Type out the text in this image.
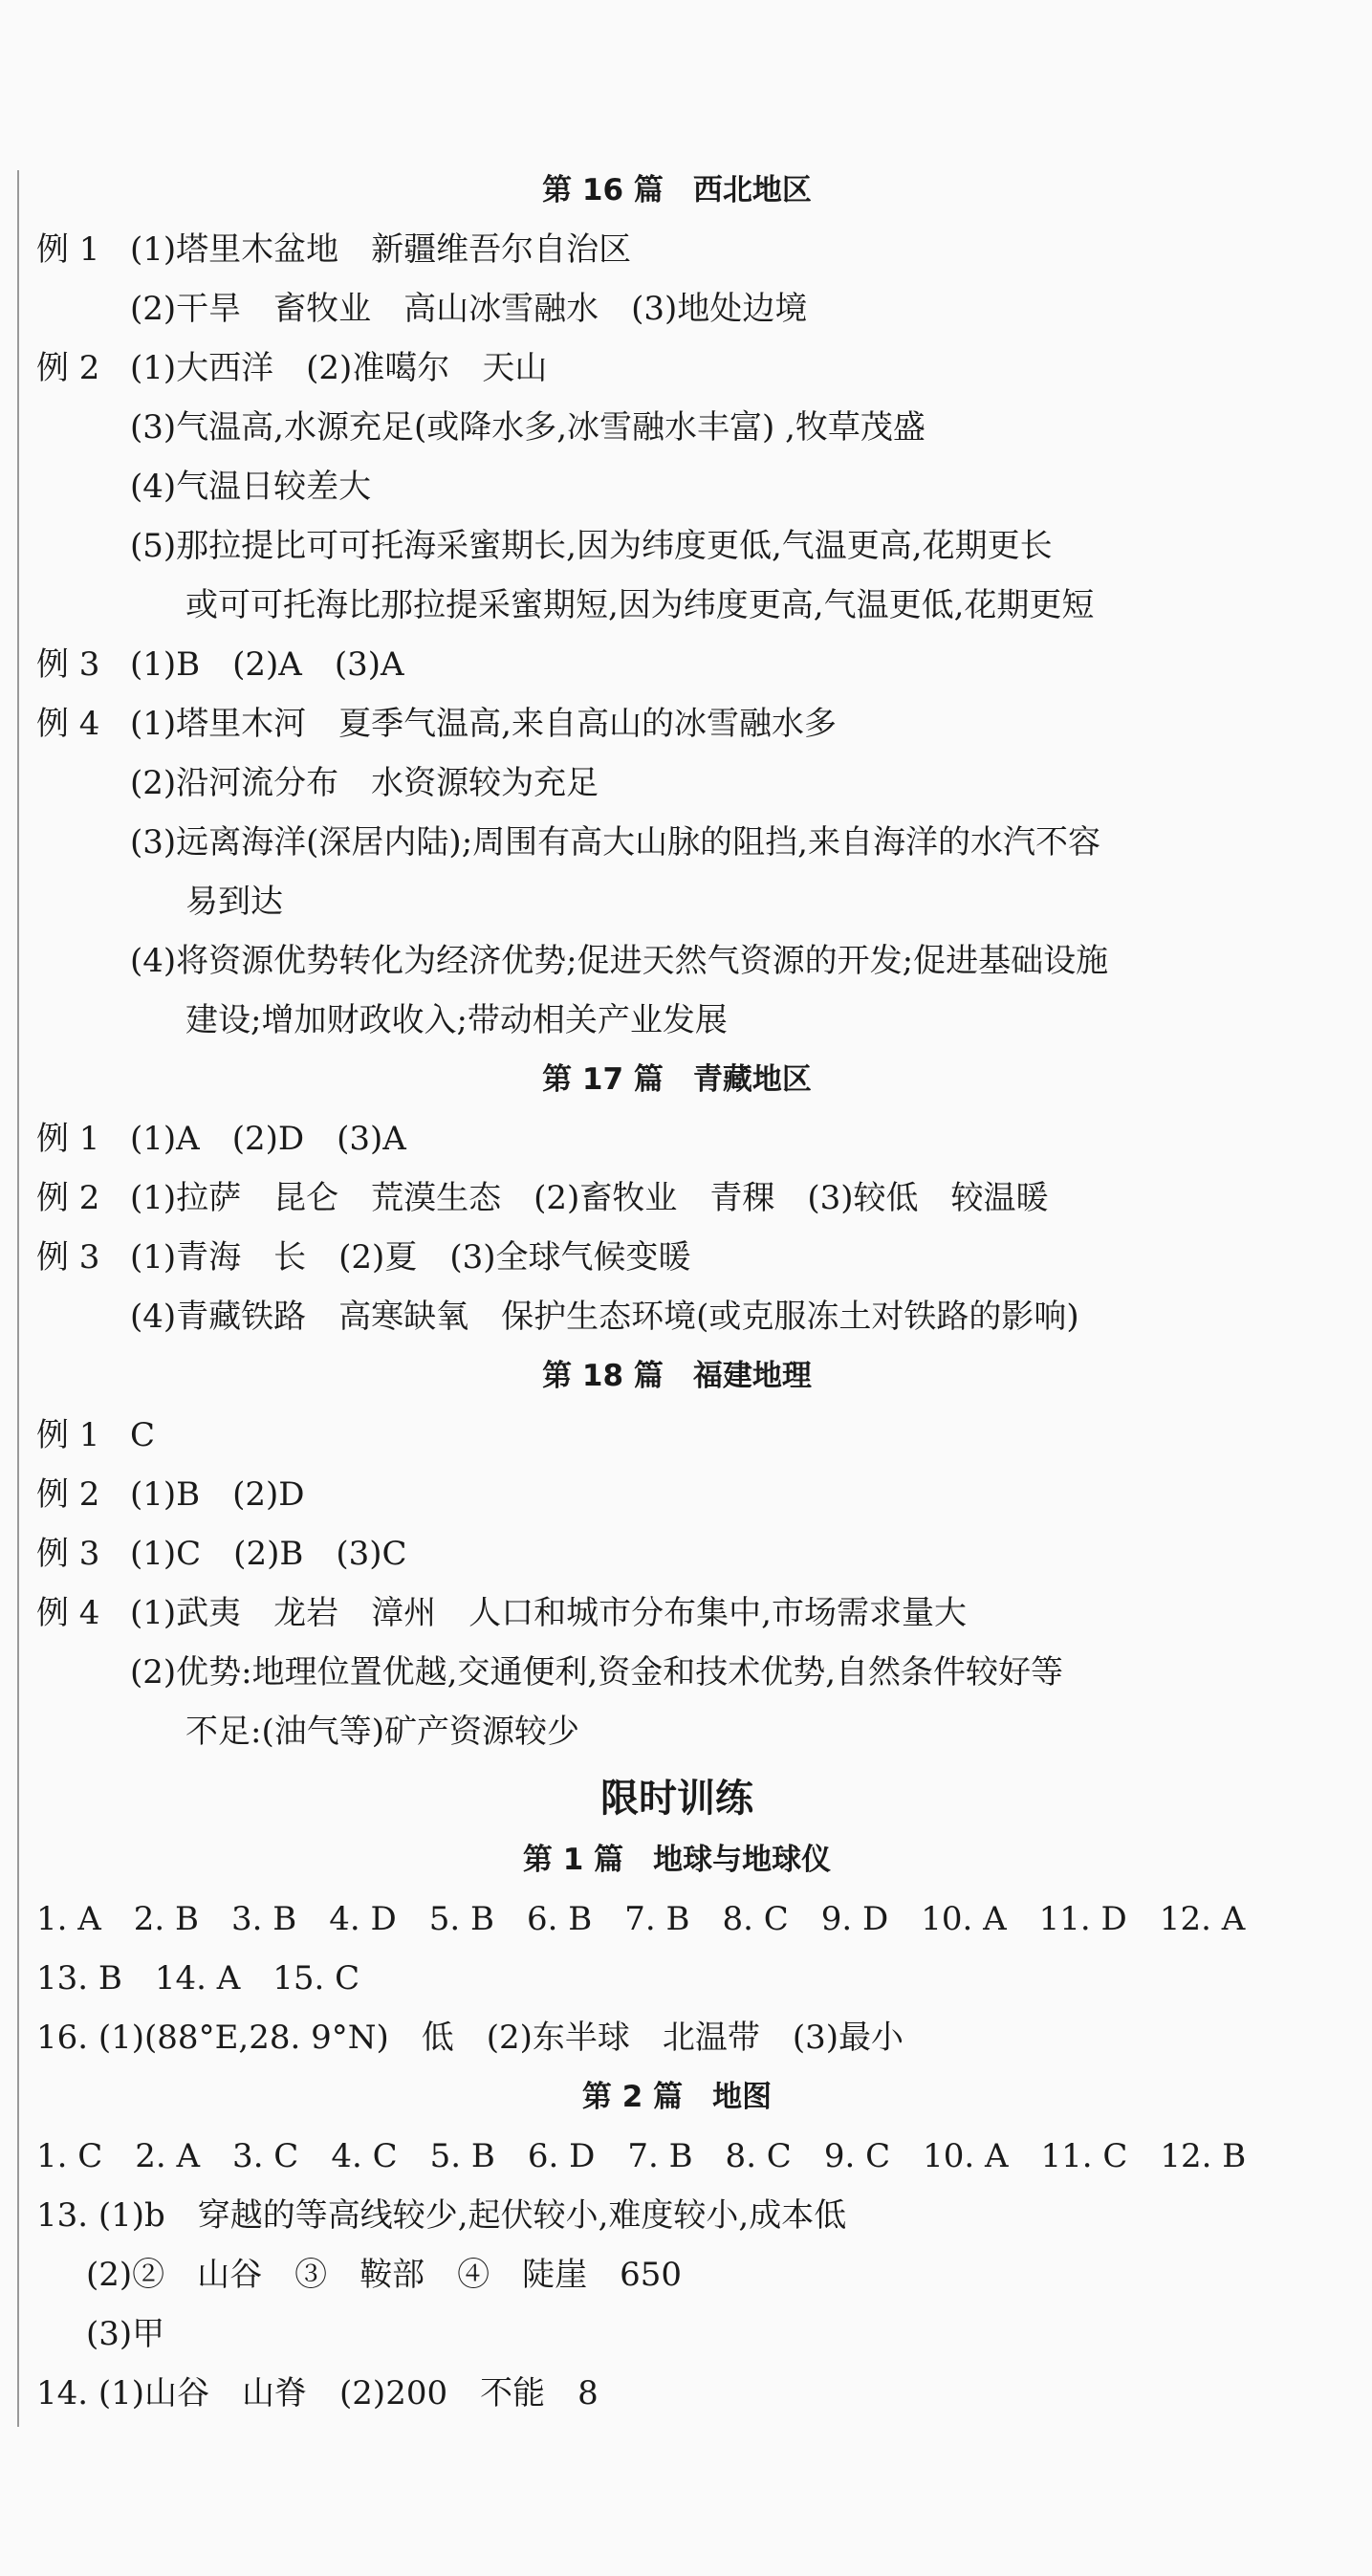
第 16 篇　西北地区
例 1 (1)塔里木盆地　新疆维吾尔自治区
(2)干旱　畜牧业　高山冰雪融水　(3)地处边境
例 2 (1)大西洋　(2)准噶尔　天山
(3)气温高,水源充足(或降水多,冰雪融水丰富) ,牧草茂盛
(4)气温日较差大
(5)那拉提比可可托海采蜜期长,因为纬度更低,气温更高,花期更长
或可可托海比那拉提采蜜期短,因为纬度更高,气温更低,花期更短
例 3 (1)B　(2)A　(3)A
例 4 (1)塔里木河　夏季气温高,来自高山的冰雪融水多
(2)沿河流分布　水资源较为充足
(3)远离海洋(深居内陆);周围有高大山脉的阻挡,来自海洋的水汽不容
易到达
(4)将资源优势转化为经济优势;促进天然气资源的开发;促进基础设施
建设;增加财政收入;带动相关产业发展
第 17 篇　青藏地区
例 1 (1)A　(2)D　(3)A
例 2 (1)拉萨　昆仑　荒漠生态　(2)畜牧业　青稞　(3)较低　较温暖
例 3 (1)青海　长　(2)夏　(3)全球气候变暖
(4)青藏铁路　高寒缺氧　保护生态环境(或克服冻土对铁路的影响)
第 18 篇　福建地理
例 1 C
例 2 (1)B　(2)D
例 3 (1)C　(2)B　(3)C
例 4 (1)武夷　龙岩　漳州　人口和城市分布集中,市场需求量大
(2)优势:地理位置优越,交通便利,资金和技术优势,自然条件较好等
不足:(油气等)矿产资源较少
限时训练
第 1 篇　地球与地球仪
1. A　2. B　3. B　4. D　5. B　6. B　7. B　8. C　9. D　10. A　11. D　12. A
13. B　14. A　15. C
16. (1)(88°E,28. 9°N)　低　(2)东半球　北温带　(3)最小
第 2 篇　地图
1. C　2. A　3. C　4. C　5. B　6. D　7. B　8. C　9. C　10. A　11. C　12. B
13. (1)b　穿越的等高线较少,起伏较小,难度较小,成本低
(2)②　山谷　③　鞍部　④　陡崖　650
(3)甲
14. (1)山谷　山脊　(2)200　不能　8
